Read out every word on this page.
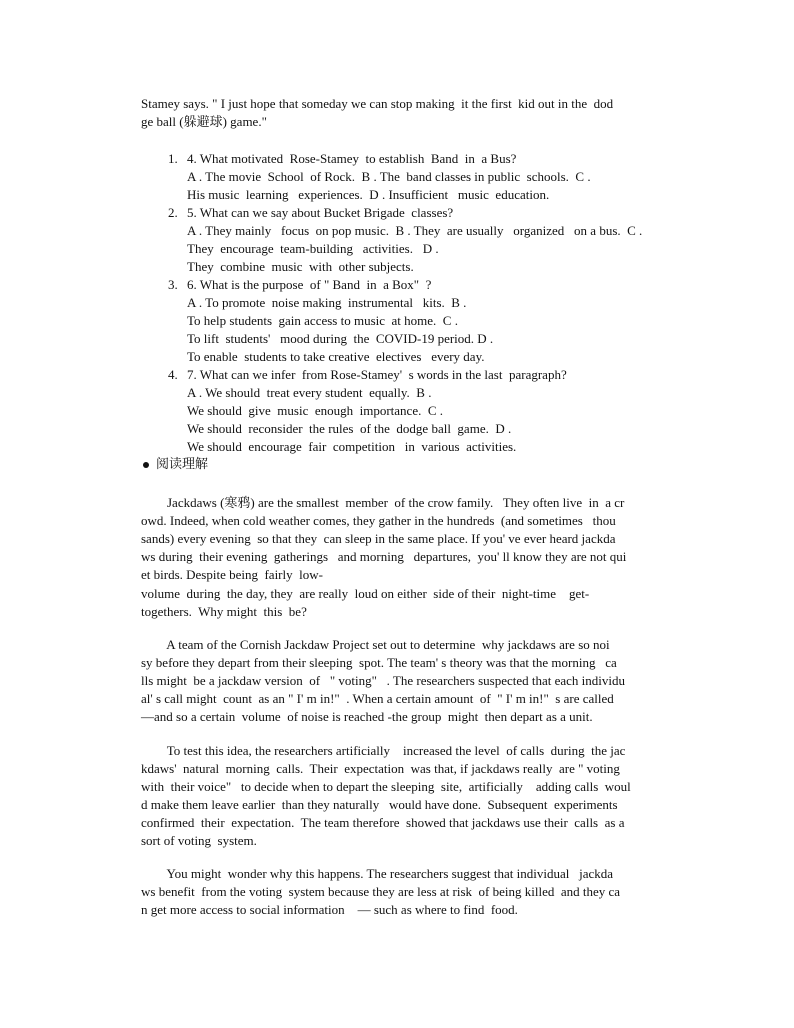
Stamey says. " I just hope that someday we can stop making  it the first  kid out in the  dod
ge ball (躲避球) game."
1. 4. What motivated  Rose-Stamey  to establish  Band  in  a Bus?
A . The movie  School  of Rock.  B . The  band classes in public  schools.  C .
His music  learning   experiences.  D . Insufficient   music  education.
2. 5. What can we say about Bucket Brigade  classes?
A . They mainly   focus  on pop music.  B . They  are usually   organized   on a bus.  C .
They  encourage  team-building   activities.   D .
They  combine  music  with  other subjects.
3. 6. What is the purpose  of " Band  in  a Box"  ?
A . To promote  noise making  instrumental   kits.  B .
To help students  gain access to music  at home.  C .
To lift  students'   mood during  the  COVID-19 period. D .
To enable  students to take creative  electives   every day.
4. 7. What can we infer  from Rose-Stamey'  s words in the last  paragraph?
A . We should  treat every student  equally.  B .
We should  give  music  enough  importance.  C .
We should  reconsider  the rules  of the  dodge ball  game.  D .
We should  encourage  fair  competition   in  various  activities.
阅读理解
Jackdaws (寒鸦) are the smallest  member  of the crow family.   They often live  in  a cr
owd. Indeed, when cold weather comes, they gather in the hundreds  (and sometimes   thou
sands) every evening  so that they  can sleep in the same place. If you' ve ever heard jackda
ws during  their evening  gatherings   and morning   departures,  you' ll know they are not qui
et birds. Despite being  fairly  low-
volume  during  the day, they  are really  loud on either  side of their  night-time    get-
togethers.  Why might  this  be?
A team of the Cornish Jackdaw Project set out to determine  why jackdaws are so noi
sy before they depart from their sleeping  spot. The team' s theory was that the morning   ca
lls might  be a jackdaw version  of   " voting"   . The researchers suspected that each individu
al' s call might  count  as an " I' m in!"  . When a certain amount  of  " I' m in!"  s are called
—and so a certain  volume  of noise is reached -the group  might  then depart as a unit.
To test this idea, the researchers artificially    increased the level  of calls  during  the jac
kdaws'  natural  morning  calls.  Their  expectation  was that, if jackdaws really  are " voting
with  their voice"   to decide when to depart the sleeping  site,  artificially    adding calls  woul
d make them leave earlier  than they naturally   would have done.  Subsequent  experiments
confirmed  their  expectation.  The team therefore  showed that jackdaws use their  calls  as a
sort of voting  system.
You might  wonder why this happens. The researchers suggest that individual   jackda
ws benefit  from the voting  system because they are less at risk  of being killed  and they ca
n get more access to social information    — such as where to find  food.
